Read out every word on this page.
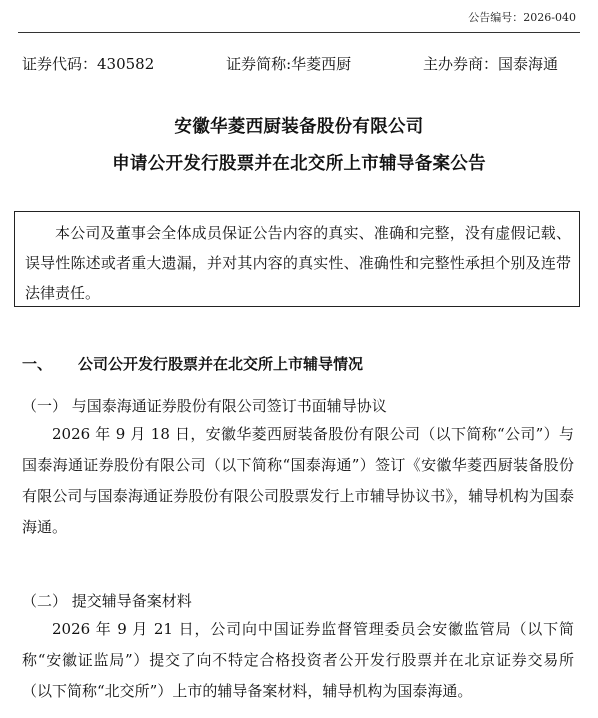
公告编号：2026-040
证券代码：430582	证券简称:华菱西厨	主办券商：国泰海通
安徽华菱西厨装备股份有限公司
申请公开发行股票并在北交所上市辅导备案公告
本公司及董事会全体成员保证公告内容的真实、准确和完整，没有虚假记载、误导性陈述或者重大遗漏，并对其内容的真实性、准确性和完整性承担个别及连带法律责任。
一、	公司公开发行股票并在北交所上市辅导情况
（一） 与国泰海通证券股份有限公司签订书面辅导协议
2026 年 9 月 18 日，安徽华菱西厨装备股份有限公司（以下简称“公司”）与国泰海通证券股份有限公司（以下简称“国泰海通”）签订《安徽华菱西厨装备股份有限公司与国泰海通证券股份有限公司股票发行上市辅导协议书》，辅导机构为国泰海通。
（二） 提交辅导备案材料
2026 年 9 月 21 日，公司向中国证券监督管理委员会安徽监管局（以下简称“安徽证监局”）提交了向不特定合格投资者公开发行股票并在北京证券交易所（以下简称“北交所”）上市的辅导备案材料，辅导机构为国泰海通。
